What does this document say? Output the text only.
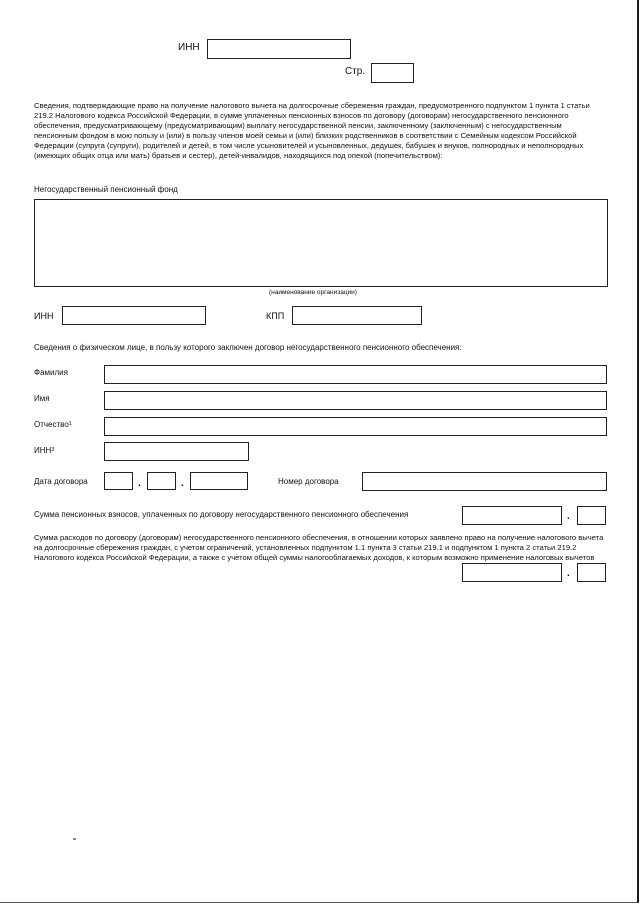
ИНН
Стр.
Сведения, подтверждающие право на получение налогового вычета на долгосрочные сбережения граждан, предусмотренного подпунктом 1 пункта 1 статьи 219.2 Налогового кодекса Российской Федерации, в сумме уплаченных пенсионных взносов по договору (договорам) негосударственного пенсионного обеспечения, предусматривающему (предусматривающим) выплату негосударственной пенсии, заключенному (заключенным) с негосударственным пенсионным фондом в мою пользу и (или) в пользу членов моей семьи и (или) близких родственников в соответствии с Семейным кодексом Российской Федерации (супруга (супруги), родителей и детей, в том числе усыновителей и усыновленных, дедушек, бабушек и внуков, полнородных и неполнородных (имеющих общих отца или мать) братьев и сестер), детей-инвалидов, находящихся под опекой (попечительством):
Негосударственный пенсионный фонд
(наименование организации)
ИНН	КПП
Сведения о физическом лице, в пользу которого заключен договор негосударственного пенсионного обеспечения:
Фамилия
Имя
Отчество$^1$
ИНН$^3$
Дата договора	.	.	Номер договора
Сумма пенсионных взносов, уплаченных по договору негосударственного пенсионного обеспечения	.
Сумма расходов по договору (договорам) негосударственного пенсионного обеспечения, в отношении которых заявлено право на получение налогового вычета на долгосрочные сбережения граждан, с учетом ограничений, установленных подпунктом 1.1 пункта 3 статьи 219.1 и подпунктом 1 пункта 2 статьи 219.2 Налогового кодекса Российской Федерации, а также с учетом общей суммы налогооблагаемых доходов, к которым возможно применение налоговых вычетов
.
